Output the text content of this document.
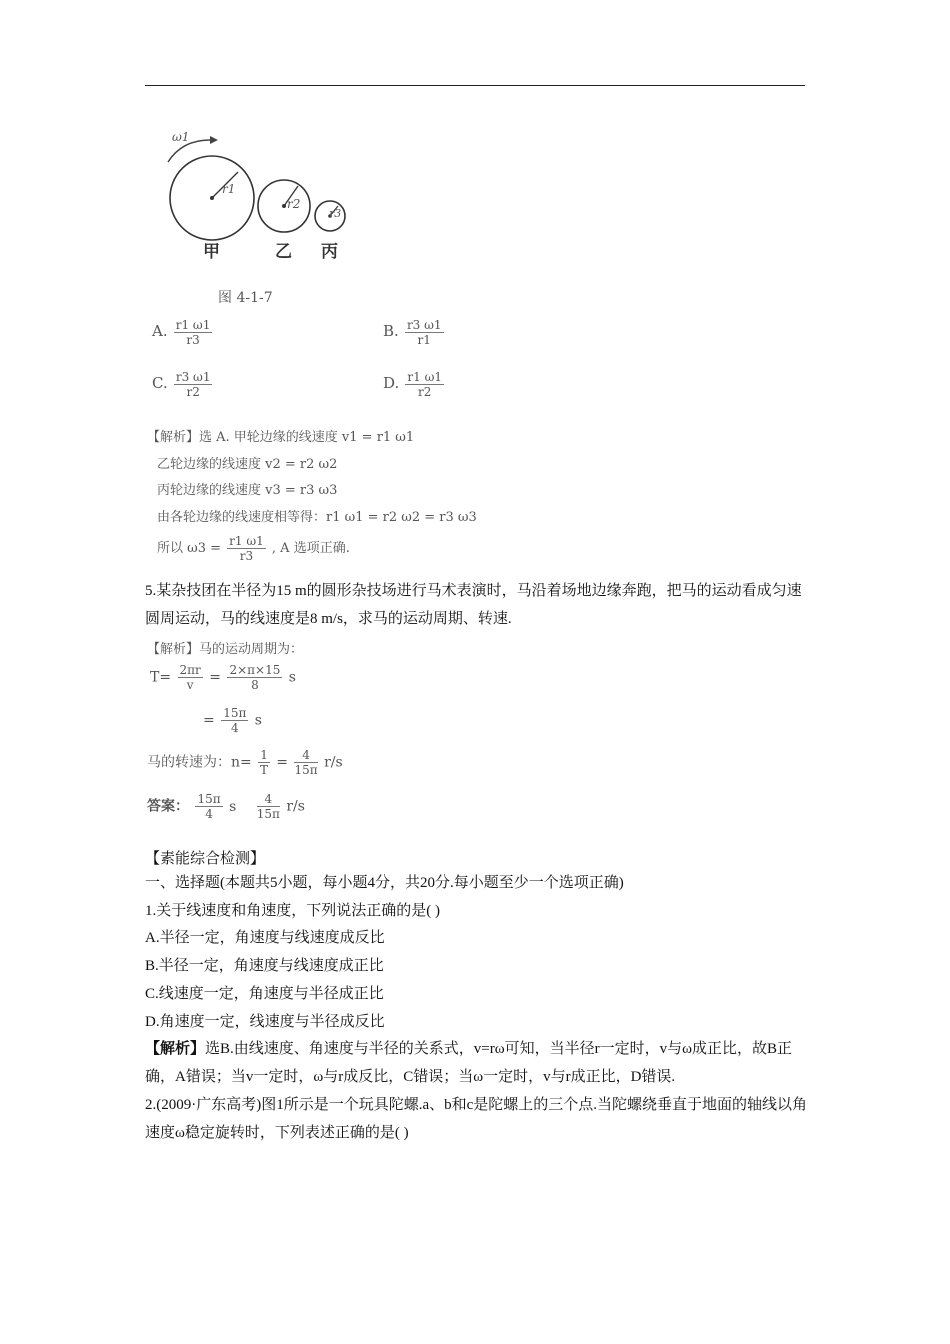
ω1
r1
r2
r3
甲	乙 丙
图 4-1-7
A. $\frac{r1 \omega 1}{r3}$	B. $\frac{r3 \omega 1}{r1}$
C. $\frac{r3 \omega 1}{r2}$	D. $\frac{r1 \omega 1}{r2}$
【解析】选 A. 甲轮边缘的线速度 v1 = r1 ω1
乙轮边缘的线速度 v2 = r2 ω2
丙轮边缘的线速度 v3 = r3 ω3
由各轮边缘的线速度相等得：r1 ω1 = r2 ω2 = r3 ω3
所以 $\omega 3 = \frac{r1 \omega 1}{r3}$ , A 选项正确.
5.某杂技团在半径为15 m的圆形杂技场进行马术表演时，马沿着场地边缘奔跑，把马的运动看成匀速圆周运动，马的线速度是8 m/s，求马的运动周期、转速.
【解析】马的运动周期为：
$T= \frac{2\pi r}{v} = \frac{2\times\pi\times 15}{8}$ s
= $\frac{15\pi}{4}$ s
马的转速为：$n= \frac{1}{T} = \frac{4}{15\pi} r/s$
答案： $\frac{15\pi}{4}$ s $\frac{4}{15\pi} r/s$
【素能综合检测】
一、选择题(本题共5小题，每小题4分，共20分.每小题至少一个选项正确)
1.关于线速度和角速度，下列说法正确的是( )
A.半径一定，角速度与线速度成反比
B.半径一定，角速度与线速度成正比
C.线速度一定，角速度与半径成正比
D.角速度一定，线速度与半径成反比
【解析】选B.由线速度、角速度与半径的关系式，v=rω可知，当半径r一定时，v与ω成正比，故B正确，A错误；当v一定时，ω与r成反比，C错误；当ω一定时，v与r成正比，D错误.
2.(2009·广东高考)图1所示是一个玩具陀螺.a、b和c是陀螺上的三个点.当陀螺绕垂直于地面的轴线以角速度ω稳定旋转时，下列表述正确的是( )
